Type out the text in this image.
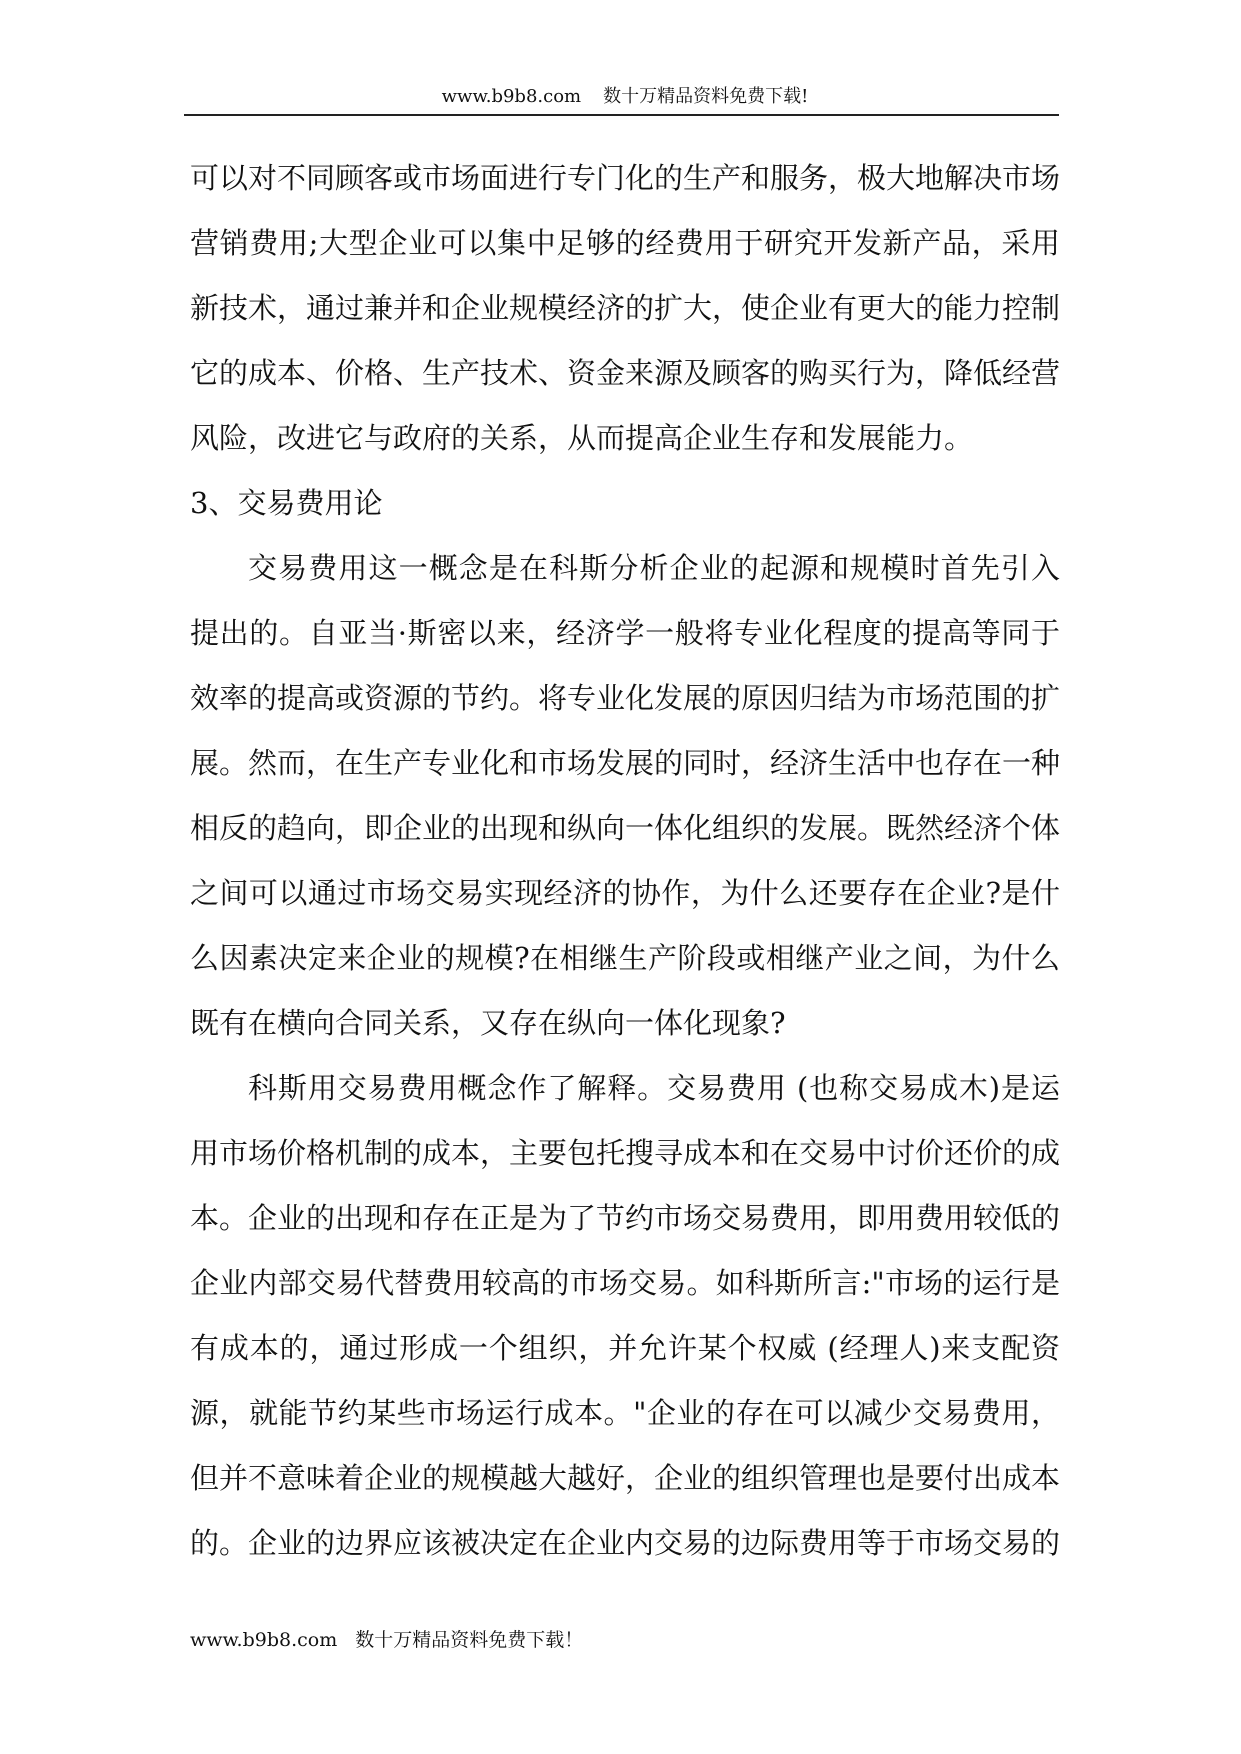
www.b9b8.com 数十万精品资料免费下载!
可以对不同顾客或市场面进行专门化的生产和服务，极大地解决市场
营销费用;大型企业可以集中足够的经费用于研究开发新产品，采用
新技术，通过兼并和企业规模经济的扩大，使企业有更大的能力控制
它的成本、价格、生产技术、资金来源及顾客的购买行为，降低经营
风险，改进它与政府的关系，从而提高企业生存和发展能力。
3、交易费用论
交易费用这一概念是在科斯分析企业的起源和规模时首先引入
提出的。自亚当·斯密以来，经济学一般将专业化程度的提高等同于
效率的提高或资源的节约。将专业化发展的原因归结为市场范围的扩
展。然而，在生产专业化和市场发展的同时，经济生活中也存在一种
相反的趋向，即企业的出现和纵向一体化组织的发展。既然经济个体
之间可以通过市场交易实现经济的协作，为什么还要存在企业?是什
么因素决定来企业的规模?在相继生产阶段或相继产业之间，为什么
既有在横向合同关系，又存在纵向一体化现象?
科斯用交易费用概念作了解释。交易费用 (也称交易成木)是运
用市场价格机制的成本，主要包托搜寻成本和在交易中讨价还价的成
本。企业的出现和存在正是为了节约市场交易费用，即用费用较低的
企业内部交易代替费用较高的市场交易。如科斯所言:"市场的运行是
有成本的，通过形成一个组织，并允许某个权威 (经理人)来支配资
源，就能节约某些市场运行成本。"企业的存在可以减少交易费用，
但并不意味着企业的规模越大越好，企业的组织管理也是要付出成本
的。企业的边界应该被决定在企业内交易的边际费用等于市场交易的
www.b9b8.com 数十万精品资料免费下载！
